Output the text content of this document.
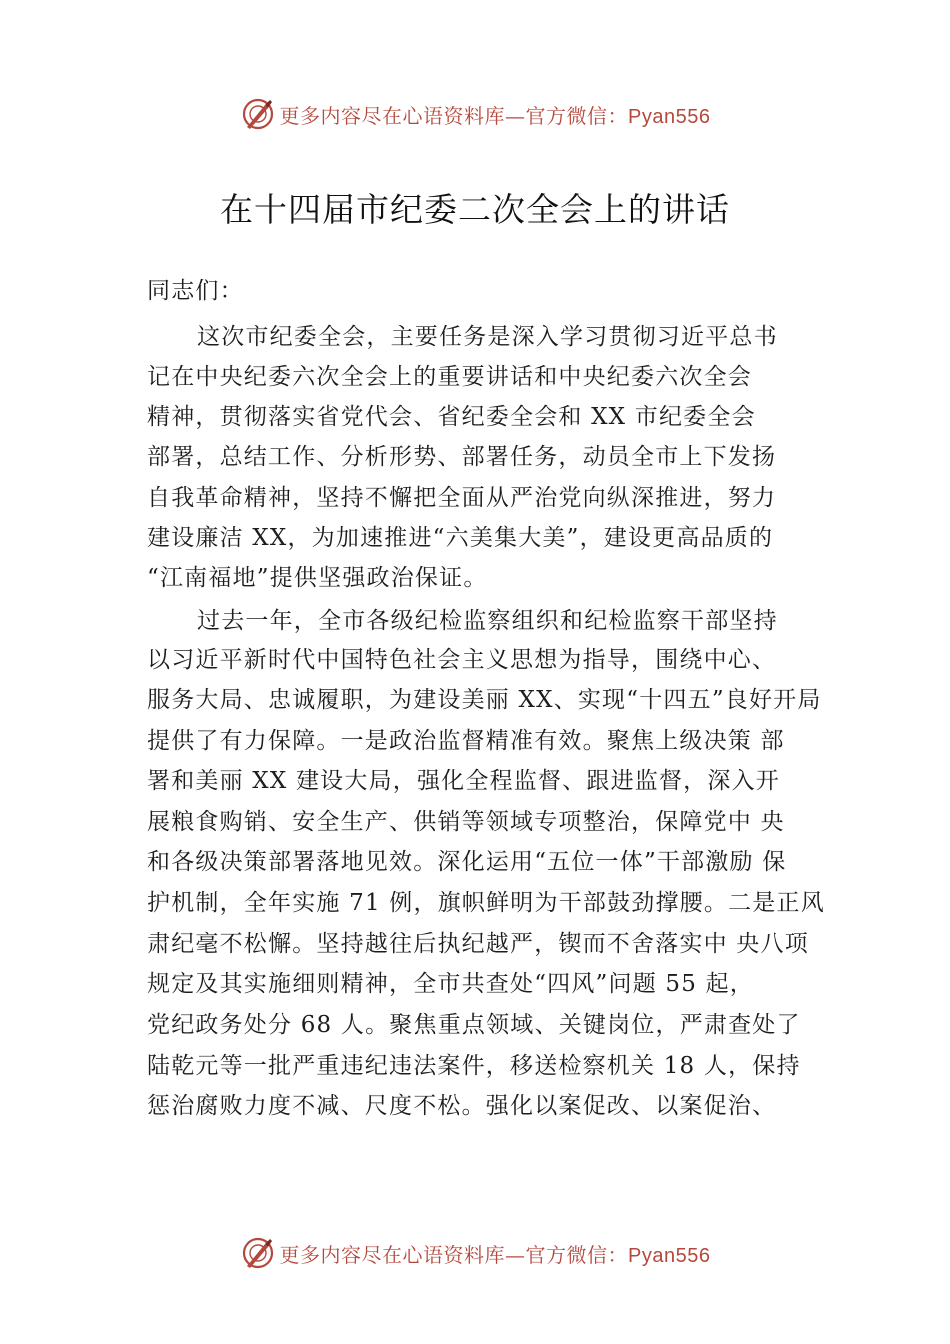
更多内容尽在心语资料库—官方微信：Pyan556
在十四届市纪委二次全会上的讲话
同志们：
这次市纪委全会，主要任务是深入学习贯彻习近平总书
记在中央纪委六次全会上的重要讲话和中央纪委六次全会
精神，贯彻落实省党代会、省纪委全会和 XX 市纪委全会
部署，总结工作、分析形势、部署任务，动员全市上下发扬
自我革命精神，坚持不懈把全面从严治党向纵深推进，努力
建设廉洁 XX，为加速推进“六美集大美”，建设更高品质的
“江南福地”提供坚强政治保证。
过去一年，全市各级纪检监察组织和纪检监察干部坚持
以习近平新时代中国特色社会主义思想为指导，围绕中心、
服务大局、忠诚履职，为建设美丽 XX、实现“十四五”良好开局
提供了有力保障。一是政治监督精准有效。聚焦上级决策 部
署和美丽 XX 建设大局，强化全程监督、跟进监督，深入开
展粮食购销、安全生产、供销等领域专项整治，保障党中 央
和各级决策部署落地见效。深化运用“五位一体”干部激励 保
护机制，全年实施 71 例，旗帜鲜明为干部鼓劲撑腰。二是正风
肃纪毫不松懈。坚持越往后执纪越严，锲而不舍落实中 央八项
规定及其实施细则精神，全市共查处“四风”问题 55 起，
党纪政务处分 68 人。聚焦重点领域、关键岗位，严肃查处了
陆乾元等一批严重违纪违法案件，移送检察机关 18 人，保持
惩治腐败力度不减、尺度不松。强化以案促改、以案促治、
更多内容尽在心语资料库—官方微信：Pyan556
